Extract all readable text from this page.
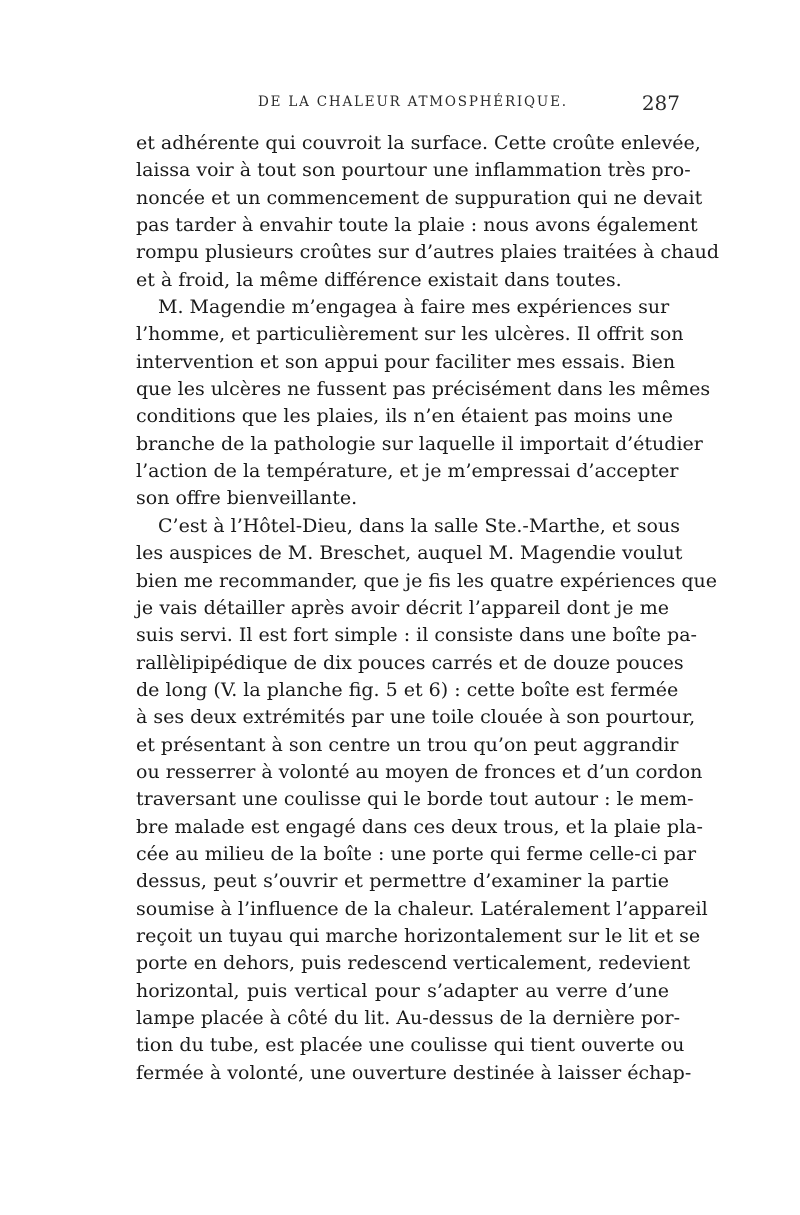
DE LA CHALEUR ATMOSPHÉRIQUE.	287
et adhérente qui couvroit la surface. Cette croûte enlevée,
laissa voir à tout son pourtour une inflammation très pro-
noncée et un commencement de suppuration qui ne devait
pas tarder à envahir toute la plaie : nous avons également
rompu plusieurs croûtes sur d’autres plaies traitées à chaud
et à froid, la même différence existait dans toutes.
M. Magendie m’engagea à faire mes expériences sur
l’homme, et particulièrement sur les ulcères. Il offrit son
intervention et son appui pour faciliter mes essais. Bien
que les ulcères ne fussent pas précisément dans les mêmes
conditions que les plaies, ils n’en étaient pas moins une
branche de la pathologie sur laquelle il importait d’étudier
l’action de la température, et je m’empressai d’accepter
son offre bienveillante.
C’est à l’Hôtel-Dieu, dans la salle Ste.-Marthe, et sous
les auspices de M. Breschet, auquel M. Magendie voulut
bien me recommander, que je fis les quatre expériences que
je vais détailler après avoir décrit l’appareil dont je me
suis servi. Il est fort simple : il consiste dans une boîte pa-
rallèlipipédique de dix pouces carrés et de douze pouces
de long (V. la planche fig. 5 et 6) : cette boîte est fermée
à ses deux extrémités par une toile clouée à son pourtour,
et présentant à son centre un trou qu’on peut aggrandir
ou resserrer à volonté au moyen de fronces et d’un cordon
traversant une coulisse qui le borde tout autour : le mem-
bre malade est engagé dans ces deux trous, et la plaie pla-
cée au milieu de la boîte : une porte qui ferme celle-ci par
dessus, peut s’ouvrir et permettre d’examiner la partie
soumise à l’influence de la chaleur. Latéralement l’appareil
reçoit un tuyau qui marche horizontalement sur le lit et se
porte en dehors, puis redescend verticalement, redevient
horizontal, puis vertical pour s’adapter au verre d’une
lampe placée à côté du lit. Au-dessus de la dernière por-
tion du tube, est placée une coulisse qui tient ouverte ou
fermée à volonté, une ouverture destinée à laisser échap-
